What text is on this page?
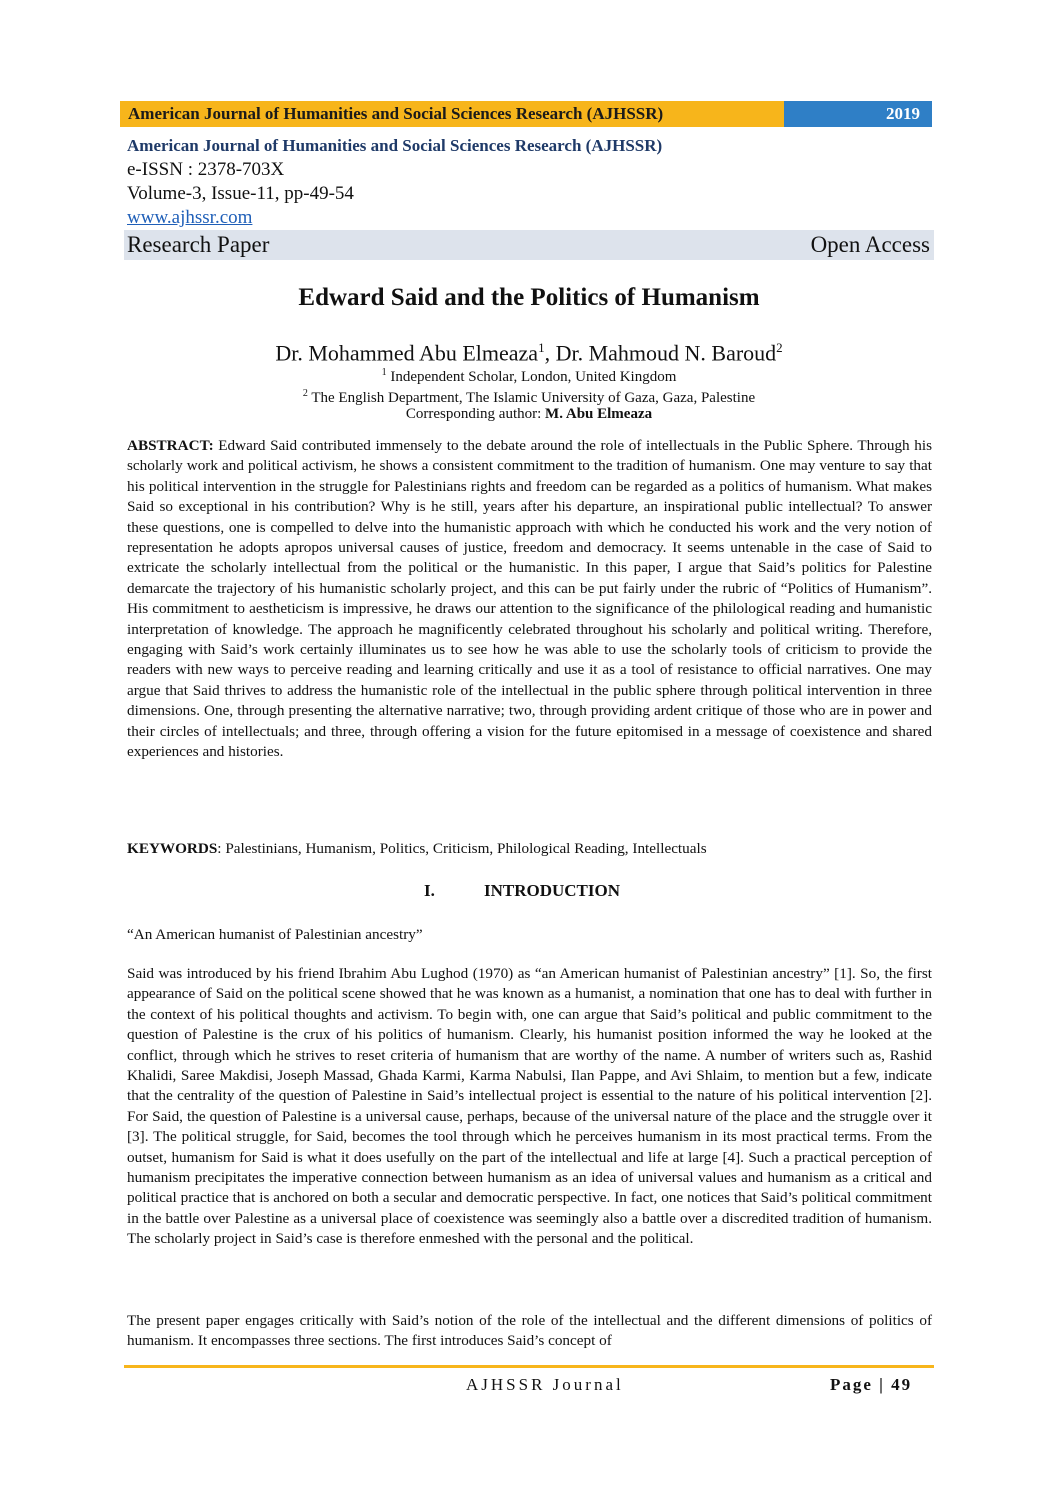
American Journal of Humanities and Social Sciences Research (AJHSSR)	2019
American Journal of Humanities and Social Sciences Research (AJHSSR)
e-ISSN : 2378-703X
Volume-3, Issue-11, pp-49-54
www.ajhssr.com
Research Paper	Open Access
Edward Said and the Politics of Humanism
Dr. Mohammed Abu Elmeaza$^1$, Dr. Mahmoud N. Baroud$^2$
$^1$ Independent Scholar, London, United Kingdom
$^2$ The English Department, The Islamic University of Gaza, Gaza, Palestine
Corresponding author: M. Abu Elmeaza
ABSTRACT: Edward Said contributed immensely to the debate around the role of intellectuals in the Public Sphere. Through his scholarly work and political activism, he shows a consistent commitment to the tradition of humanism. One may venture to say that his political intervention in the struggle for Palestinians rights and freedom can be regarded as a politics of humanism. What makes Said so exceptional in his contribution? Why is he still, years after his departure, an inspirational public intellectual? To answer these questions, one is compelled to delve into the humanistic approach with which he conducted his work and the very notion of representation he adopts apropos universal causes of justice, freedom and democracy. It seems untenable in the case of Said to extricate the scholarly intellectual from the political or the humanistic. In this paper, I argue that Said’s politics for Palestine demarcate the trajectory of his humanistic scholarly project, and this can be put fairly under the rubric of “Politics of Humanism”. His commitment to aestheticism is impressive, he draws our attention to the significance of the philological reading and humanistic interpretation of knowledge. The approach he magnificently celebrated throughout his scholarly and political writing. Therefore, engaging with Said’s work certainly illuminates us to see how he was able to use the scholarly tools of criticism to provide the readers with new ways to perceive reading and learning critically and use it as a tool of resistance to official narratives. One may argue that Said thrives to address the humanistic role of the intellectual in the public sphere through political intervention in three dimensions. One, through presenting the alternative narrative; two, through providing ardent critique of those who are in power and their circles of intellectuals; and three, through offering a vision for the future epitomised in a message of coexistence and shared experiences and histories.
KEYWORDS: Palestinians, Humanism, Politics, Criticism, Philological Reading, Intellectuals
I.	INTRODUCTION
“An American humanist of Palestinian ancestry”
Said was introduced by his friend Ibrahim Abu Lughod (1970) as “an American humanist of Palestinian ancestry” [1]. So, the first appearance of Said on the political scene showed that he was known as a humanist, a nomination that one has to deal with further in the context of his political thoughts and activism. To begin with, one can argue that Said’s political and public commitment to the question of Palestine is the crux of his politics of humanism. Clearly, his humanist position informed the way he looked at the conflict, through which he strives to reset criteria of humanism that are worthy of the name. A number of writers such as, Rashid Khalidi, Saree Makdisi, Joseph Massad, Ghada Karmi, Karma Nabulsi, Ilan Pappe, and Avi Shlaim, to mention but a few, indicate that the centrality of the question of Palestine in Said’s intellectual project is essential to the nature of his political intervention [2]. For Said, the question of Palestine is a universal cause, perhaps, because of the universal nature of the place and the struggle over it [3]. The political struggle, for Said, becomes the tool through which he perceives humanism in its most practical terms. From the outset, humanism for Said is what it does usefully on the part of the intellectual and life at large [4]. Such a practical perception of humanism precipitates the imperative connection between humanism as an idea of universal values and humanism as a critical and political practice that is anchored on both a secular and democratic perspective. In fact, one notices that Said’s political commitment in the battle over Palestine as a universal place of coexistence was seemingly also a battle over a discredited tradition of humanism. The scholarly project in Said’s case is therefore enmeshed with the personal and the political.
The present paper engages critically with Said’s notion of the role of the intellectual and the different dimensions of politics of humanism. It encompasses three sections. The first introduces Said’s concept of
AJHSSR Journal	Page | 49
